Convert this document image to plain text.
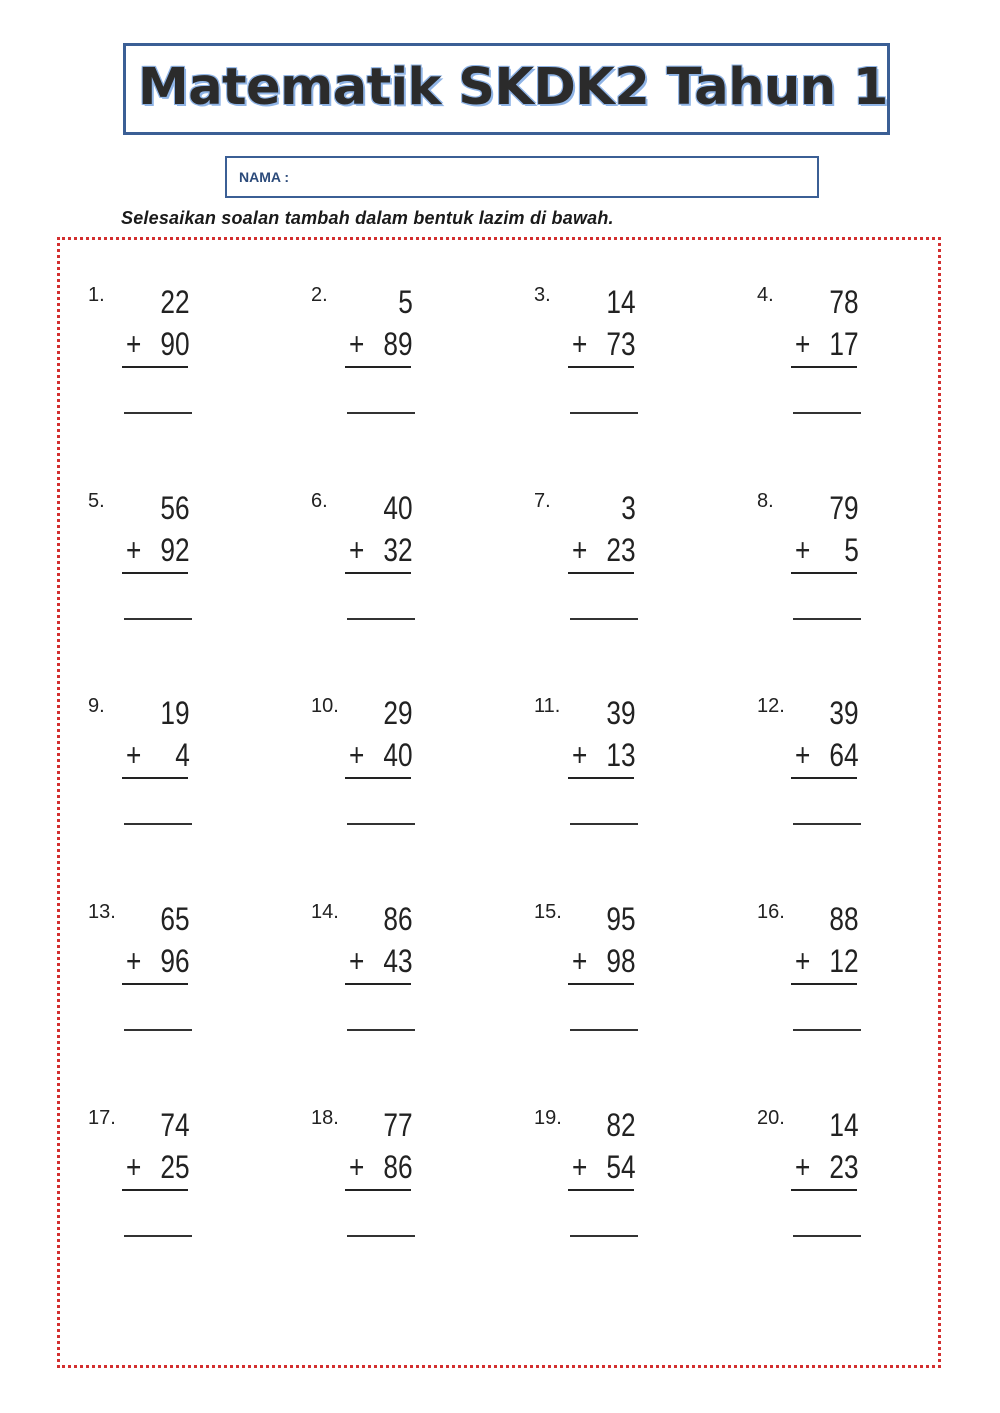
Matematik SKDK2 Tahun 1
NAMA :
Selesaikan soalan tambah dalam bentuk lazim di bawah.
1. 22
+ 90
2. 5
+ 89
3. 14
+ 73
4. 78
+ 17
5. 56
+ 92
6. 40
+ 32
7. 3
+ 23
8. 79
+ 5
9. 19
+ 4
10. 29
+ 40
11. 39
+ 13
12. 39
+ 64
13. 65
+ 96
14. 86
+ 43
15. 95
+ 98
16. 88
+ 12
17. 74
+ 25
18. 77
+ 86
19. 82
+ 54
20. 14
+ 23
